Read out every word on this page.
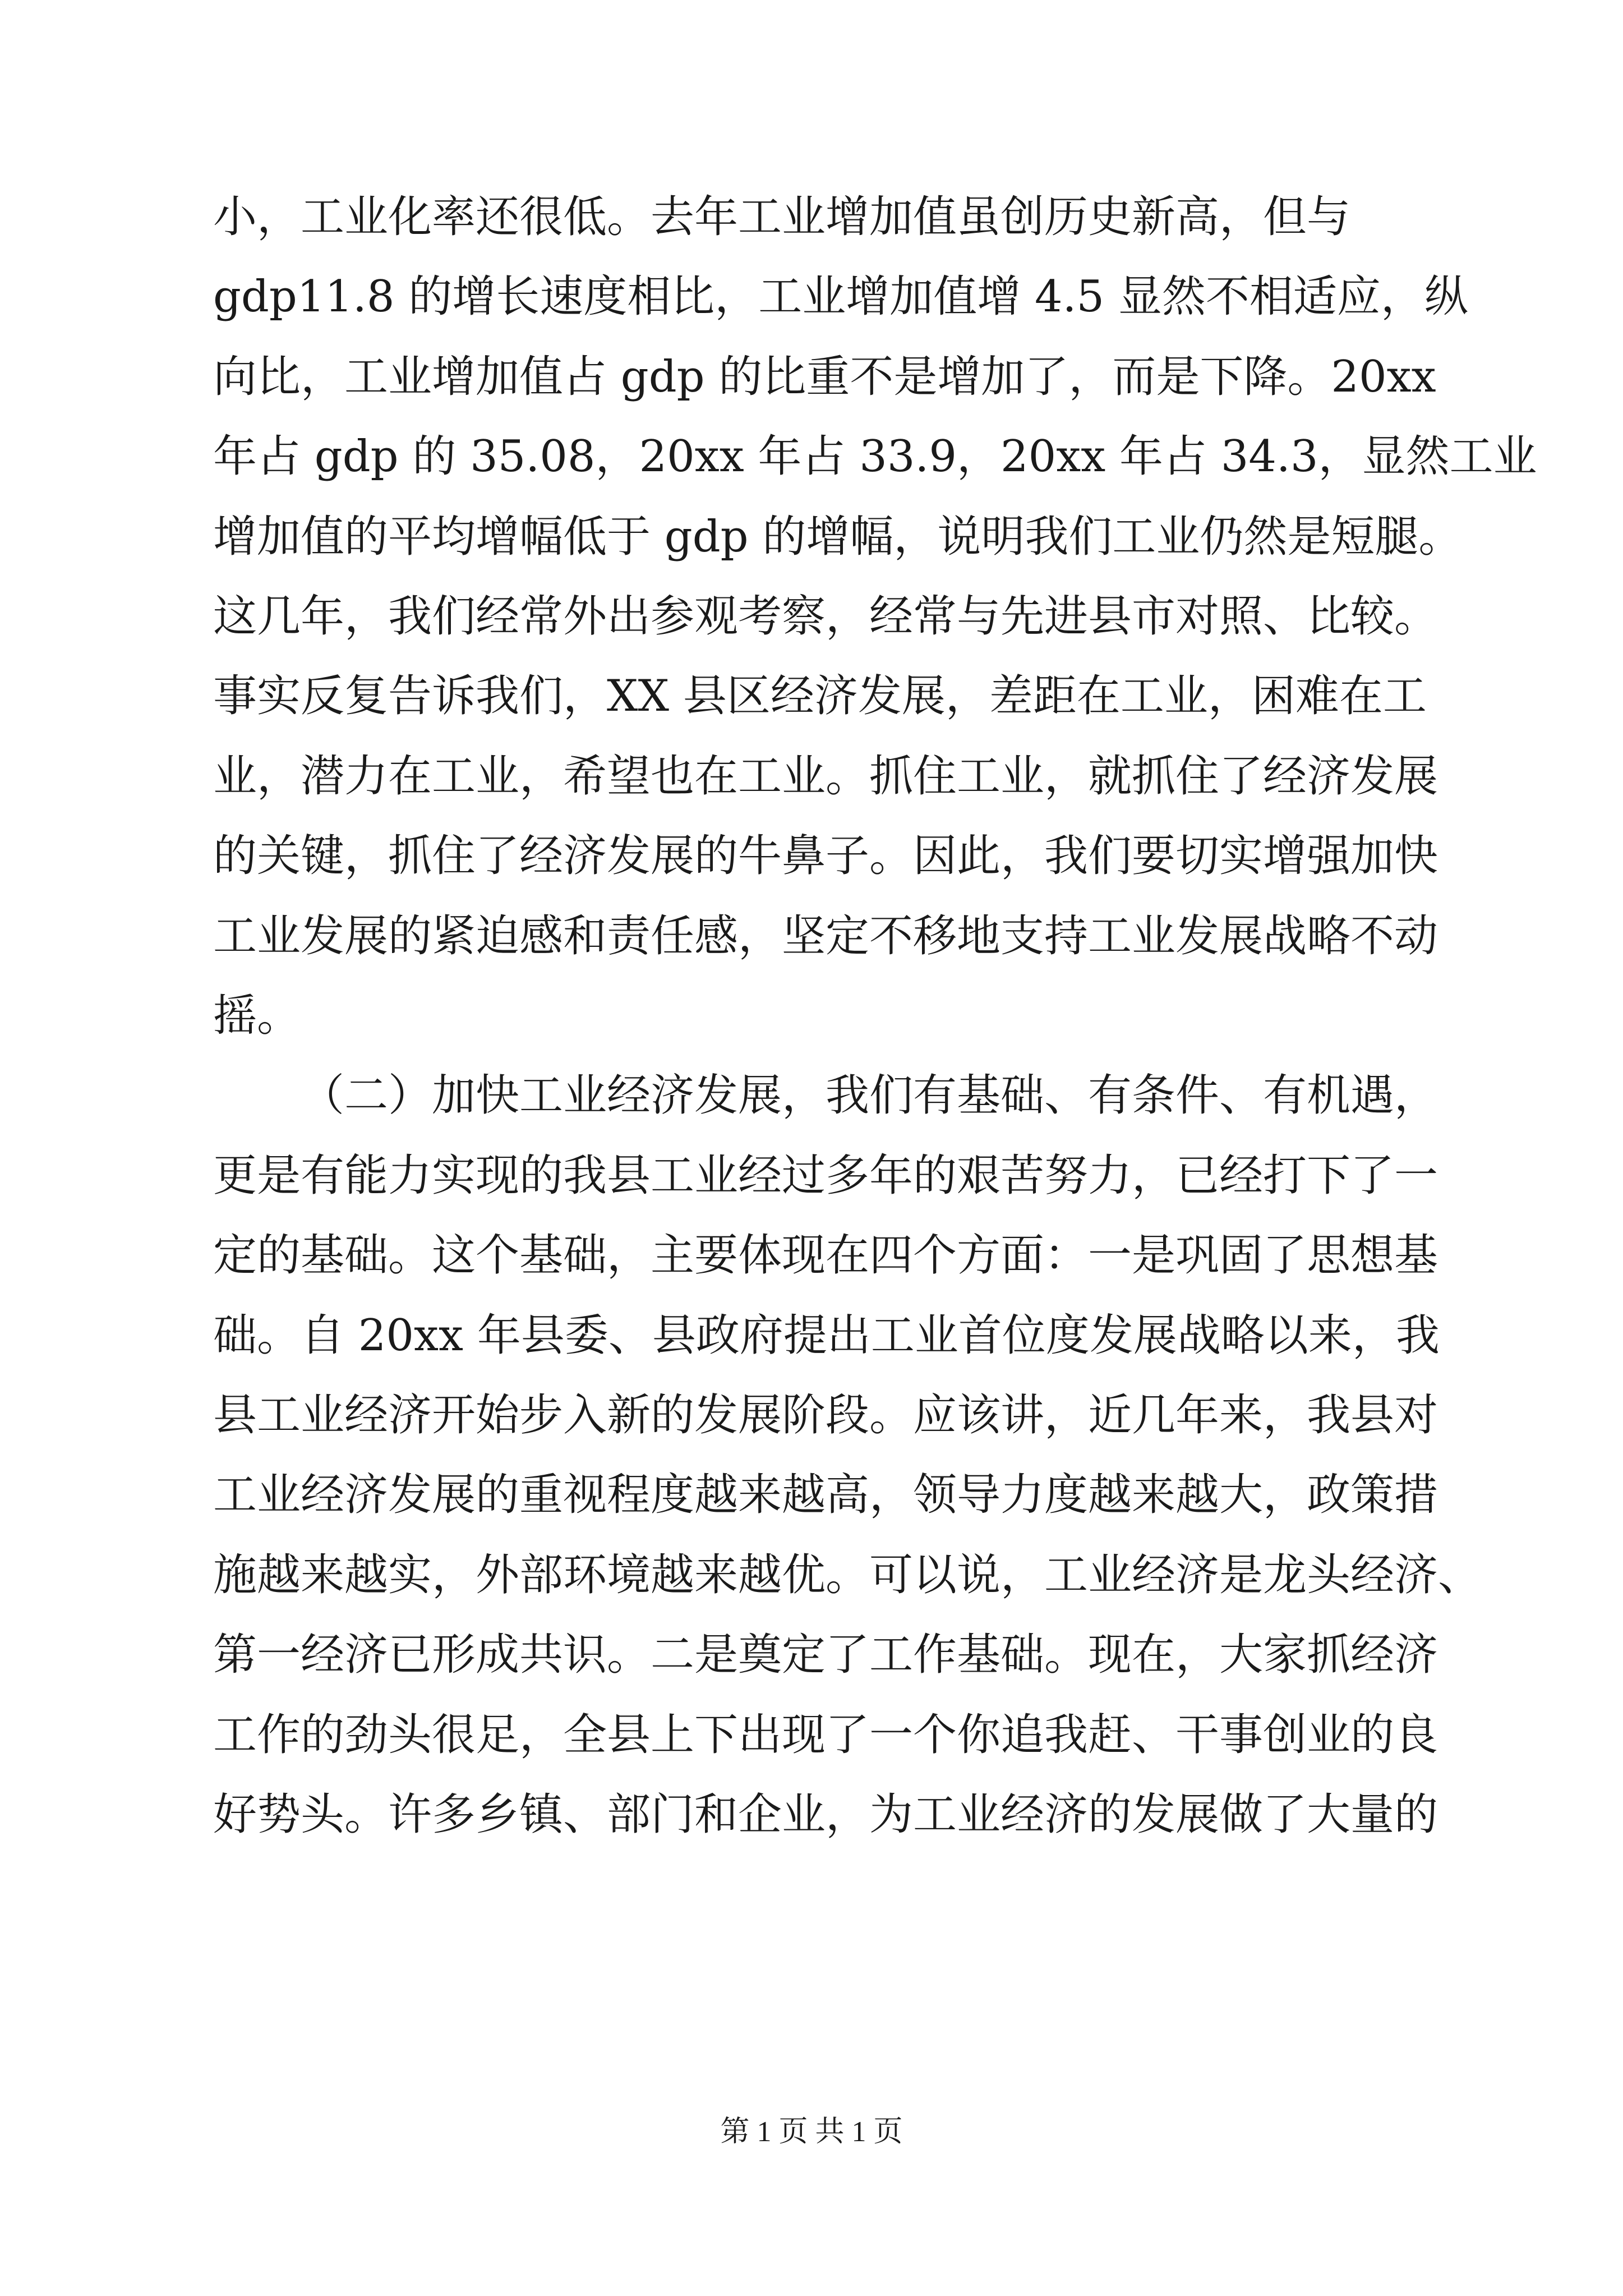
小，工业化率还很低。去年工业增加值虽创历史新高，但与
gdp11.8 的增长速度相比，工业增加值增 4.5 显然不相适应，纵
向比，工业增加值占 gdp 的比重不是增加了，而是下降。20xx
年占 gdp 的 35.08，20xx 年占 33.9，20xx 年占 34.3，显然工业
增加值的平均增幅低于 gdp 的增幅，说明我们工业仍然是短腿。
这几年，我们经常外出参观考察，经常与先进县市对照、比较。
事实反复告诉我们，XX 县区经济发展，差距在工业，困难在工
业，潜力在工业，希望也在工业。抓住工业，就抓住了经济发展
的关键，抓住了经济发展的牛鼻子。因此，我们要切实增强加快
工业发展的紧迫感和责任感，坚定不移地支持工业发展战略不动
摇。
（二）加快工业经济发展，我们有基础、有条件、有机遇，
更是有能力实现的我县工业经过多年的艰苦努力，已经打下了一
定的基础。这个基础，主要体现在四个方面：一是巩固了思想基
础。自 20xx 年县委、县政府提出工业首位度发展战略以来，我
县工业经济开始步入新的发展阶段。应该讲，近几年来，我县对
工业经济发展的重视程度越来越高，领导力度越来越大，政策措
施越来越实，外部环境越来越优。可以说，工业经济是龙头经济、
第一经济已形成共识。二是奠定了工作基础。现在，大家抓经济
工作的劲头很足，全县上下出现了一个你追我赶、干事创业的良
好势头。许多乡镇、部门和企业，为工业经济的发展做了大量的
第 1 页 共 1 页
